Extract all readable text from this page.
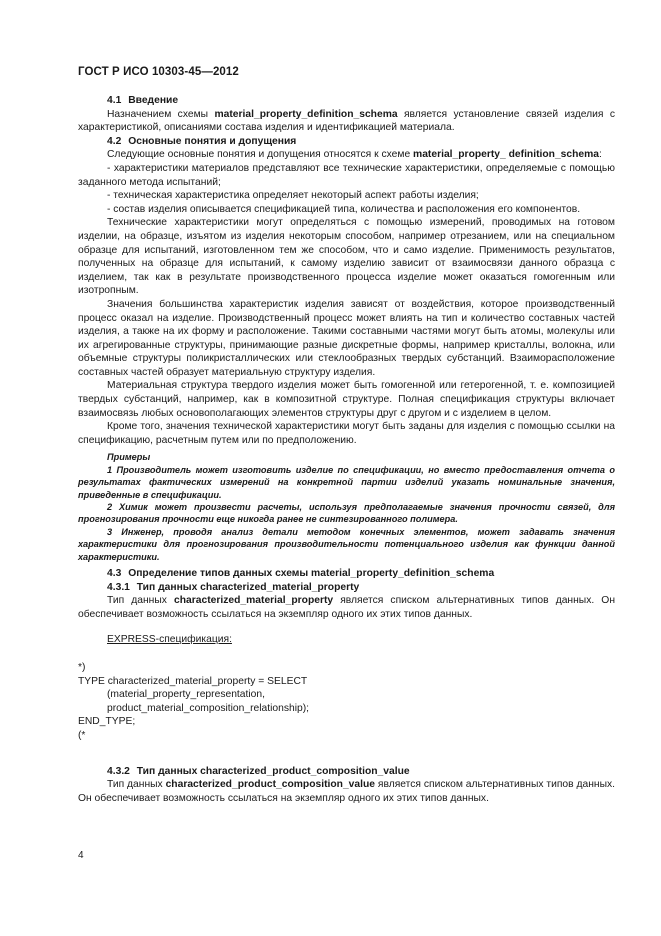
ГОСТ Р ИСО 10303-45—2012

4.1 Введение

Назначением схемы material_property_definition_schema является установление связей изделия с характеристикой, описаниями состава изделия и идентификацией материала.

4.2 Основные понятия и допущения

Следующие основные понятия и допущения относятся к схеме material_property_ definition_schema:

- характеристики материалов представляют все технические характеристики, определяемые с помощью заданного метода испытаний;

- техническая характеристика определяет некоторый аспект работы изделия;

- состав изделия описывается спецификацией типа, количества и расположения его компонентов.

Технические характеристики могут определяться с помощью измерений, проводимых на готовом изделии, на образце, изъятом из изделия некоторым способом, например отрезанием, или на специальном образце для испытаний, изготовленном тем же способом, что и само изделие. Применимость результатов, полученных на образце для испытаний, к самому изделию зависит от взаимосвязи данного образца с изделием, так как в результате производственного процесса изделие может оказаться гомогенным или изотропным.

Значения большинства характеристик изделия зависят от воздействия, которое производственный процесс оказал на изделие. Производственный процесс может влиять на тип и количество составных частей изделия, а также на их форму и расположение. Такими составными частями могут быть атомы, молекулы или их агрегированные структуры, принимающие разные дискретные формы, например кристаллы, волокна, или объемные структуры поликристаллических или стеклообразных твердых субстанций. Взаиморасположение составных частей образует материальную структуру изделия.

Материальная структура твердого изделия может быть гомогенной или гетерогенной, т. е. композицией твердых субстанций, например, как в композитной структуре. Полная спецификация структуры включает взаимосвязь любых основополагающих элементов структуры друг с другом и с изделием в целом.

Кроме того, значения технической характеристики могут быть заданы для изделия с помощью ссылки на спецификацию, расчетным путем или по предположению.

Примеры

1 Производитель может изготовить изделие по спецификации, но вместо предоставления отчета о результатах фактических измерений на конкретной партии изделий указать номинальные значения, приведенные в спецификации.

2 Химик может произвести расчеты, используя предполагаемые значения прочности связей, для прогнозирования прочности еще никогда ранее не синтезированного полимера.

3 Инженер, проводя анализ детали методом конечных элементов, может задавать значения характеристики для прогнозирования производительности потенциального изделия как функции данной характеристики.

4.3 Определение типов данных схемы material_property_definition_schema

4.3.1 Тип данных characterized_material_property

Тип данных characterized_material_property является списком альтернативных типов данных. Он обеспечивает возможность ссылаться на экземпляр одного их этих типов данных.

EXPRESS-спецификация:

*)
TYPE characterized_material_property = SELECT
(material_property_representation,
product_material_composition_relationship);
END_TYPE;
(*

4.3.2 Тип данных characterized_product_composition_value

Тип данных characterized_product_composition_value является списком альтернативных типов данных. Он обеспечивает возможность ссылаться на экземпляр одного их этих типов данных.

4
